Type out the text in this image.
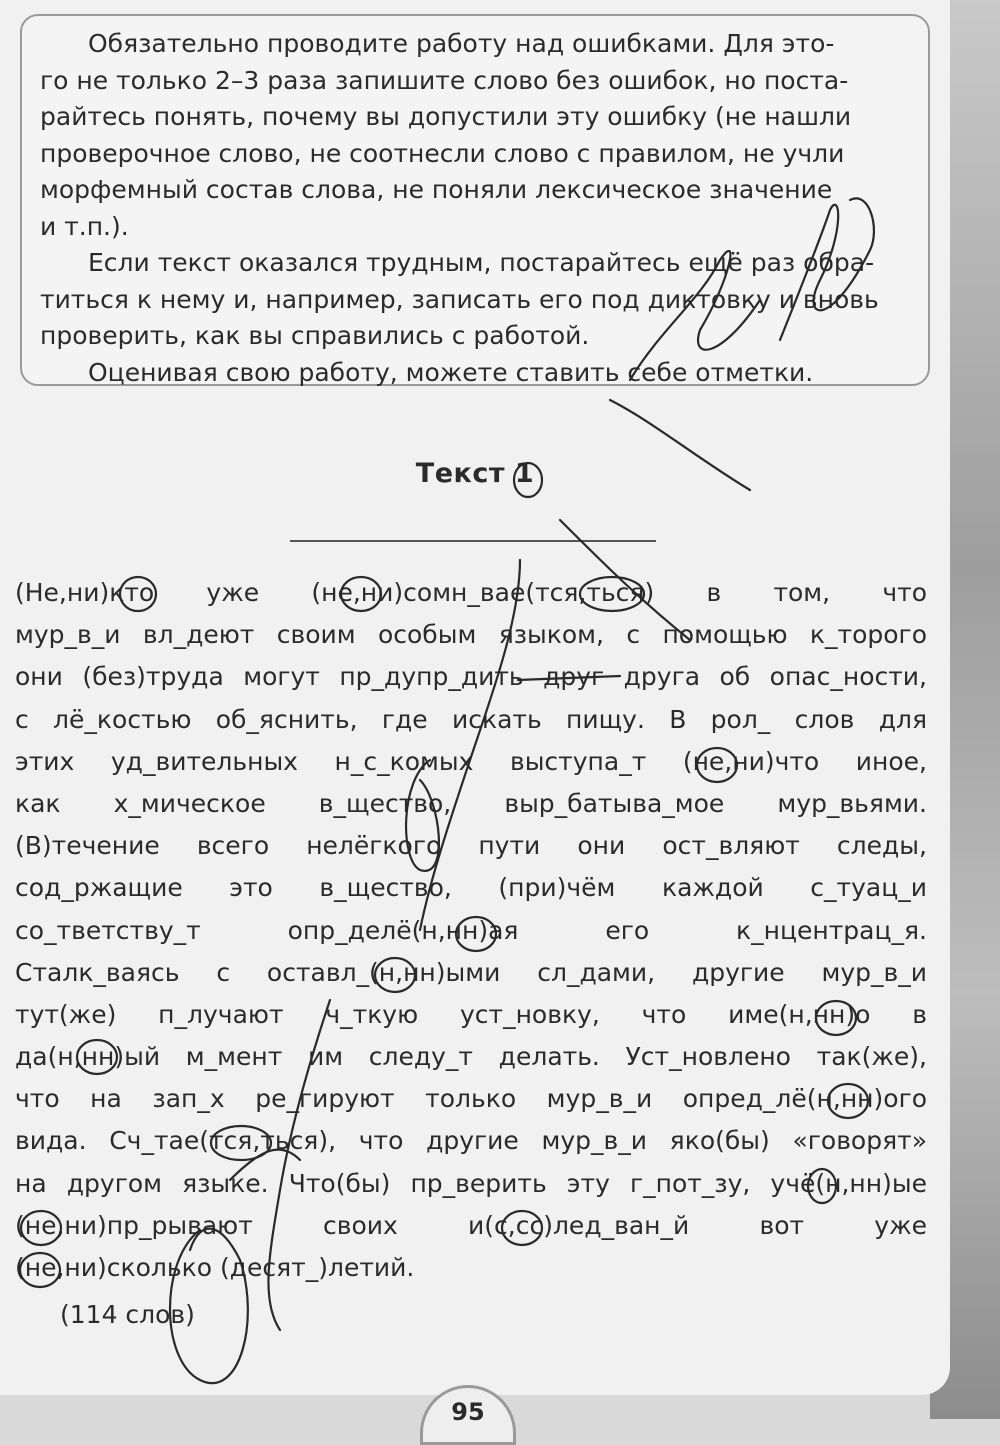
Обязательно проводите работу над ошибками. Для это-

го не только 2–3 раза запишите слово без ошибок, но поста-

райтесь понять, почему вы допустили эту ошибку (не нашли

проверочное слово, не соотнесли слово с правилом, не учли

морфемный состав слова, не поняли лексическое значение

и т.п.).

Если текст оказался трудным, постарайтесь ещё раз обра-

титься к нему и, например, записать его под диктовку и вновь

проверить, как вы справились с работой.

Оценивая свою работу, можете ставить себе отметки.

Текст 1
(Не,ни)кто уже (не,ни)сомн_вае(тся,ться) в том, что
мур_в_и вл_деют своим особым языком, с помощью к_торого
они (без)труда могут пр_дупр_дить друг друга об опас_ности,
с лё_костью об_яснить, где искать пищу. В рол_ слов для
этих уд_вительных н_с_комых выступа_т (не,ни)что иное,
как х_мическое в_щество, выр_батыва_мое мур_вьями.
(В)течение всего нелёгкого пути они ост_вляют следы,
сод_ржащие это в_щество, (при)чём каждой с_туац_и
со_тветству_т опр_делё(н,нн)ая его к_нцентрац_я.
Сталк_ваясь с оставл_(н,нн)ыми сл_дами, другие мур_в_и
тут(же) п_лучают ч_ткую уст_новку, что име(н,нн)о в
да(н,нн)ый м_мент им следу_т делать. Уст_новлено так(же),
что на зап_х ре_гируют только мур_в_и опред_лё(н,нн)ого
вида. Сч_тае(тся,ться), что другие мур_в_и яко(бы) «говорят»
на другом языке. Что(бы) пр_верить эту г_пот_зу, учё(н,нн)ые
(не,ни)пр_рывают своих и(с,сс)лед_ван_й вот уже
(не,ни)сколько (десят_)летий.
(114 слов)
95
